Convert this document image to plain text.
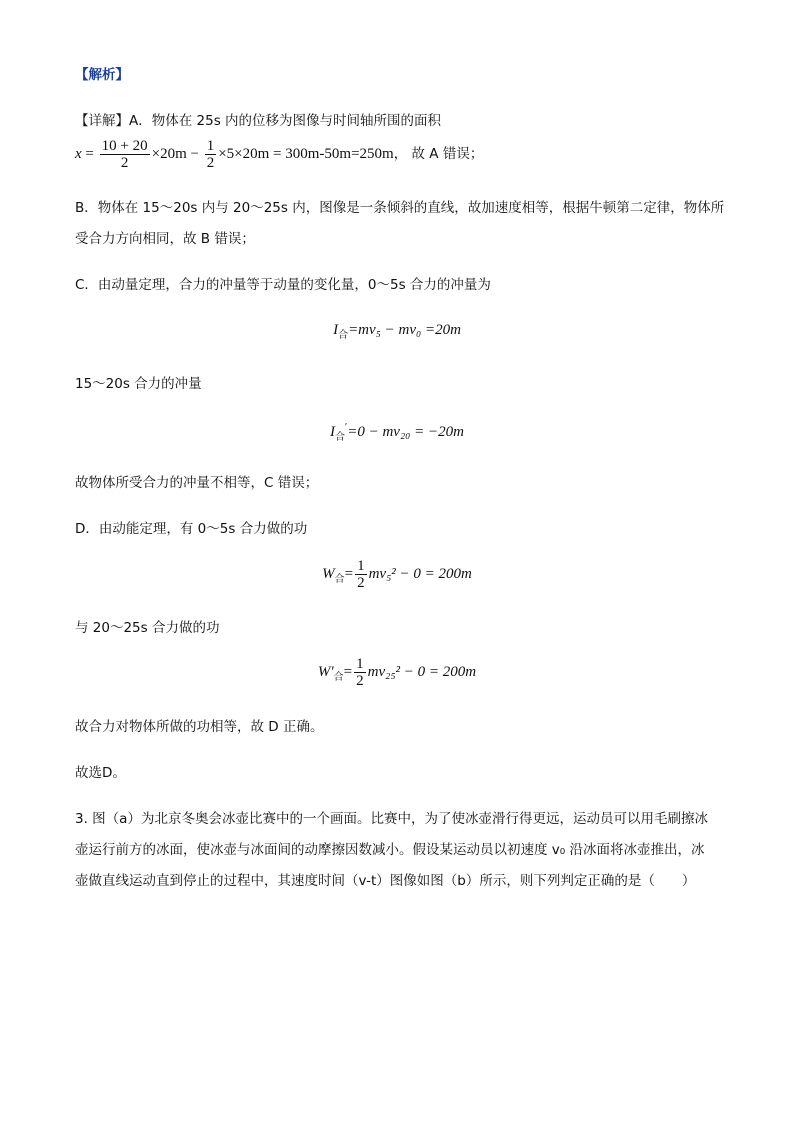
【解析】
【详解】A．物体在 25s 内的位移为图像与时间轴所围的面积
$x = \frac{10 + 20}{2} \times 20m - \frac{1}{2} \times 5\times 20m = 300m-50m=250m$， 故 A 错误；
B．物体在 15～20s 内与 20～25s 内，图像是一条倾斜的直线，故加速度相等，根据牛顿第二定律，物体所
受合力方向相同，故 B 错误；
C．由动量定理，合力的冲量等于动量的变化量，0～5s 合力的冲量为
$I_合=mv_5 - mv_0 =20m$
15～20s 合力的冲量
$I_合'=0 - mv_{20} = -20m$
故物体所受合力的冲量不相等，C 错误；
D．由动能定理，有 0～5s 合力做的功
$W_合= \frac{1}{2} mv_5^2 - 0 = 200m$
与 20～25s 合力做的功
$W'_合= \frac{1}{2} mv_{25}^2 - 0 = 200m$
故合力对物体所做的功相等，故 D 正确。
故选D。
3. 图（a）为北京冬奥会冰壶比赛中的一个画面。比赛中，为了使冰壶滑行得更远，运动员可以用毛刷擦冰
壶运行前方的冰面，使冰壶与冰面间的动摩擦因数减小。假设某运动员以初速度 v₀ 沿冰面将冰壶推出，冰
壶做直线运动直到停止的过程中，其速度时间（v-t）图像如图（b）所示，则下列判定正确的是（　　）
